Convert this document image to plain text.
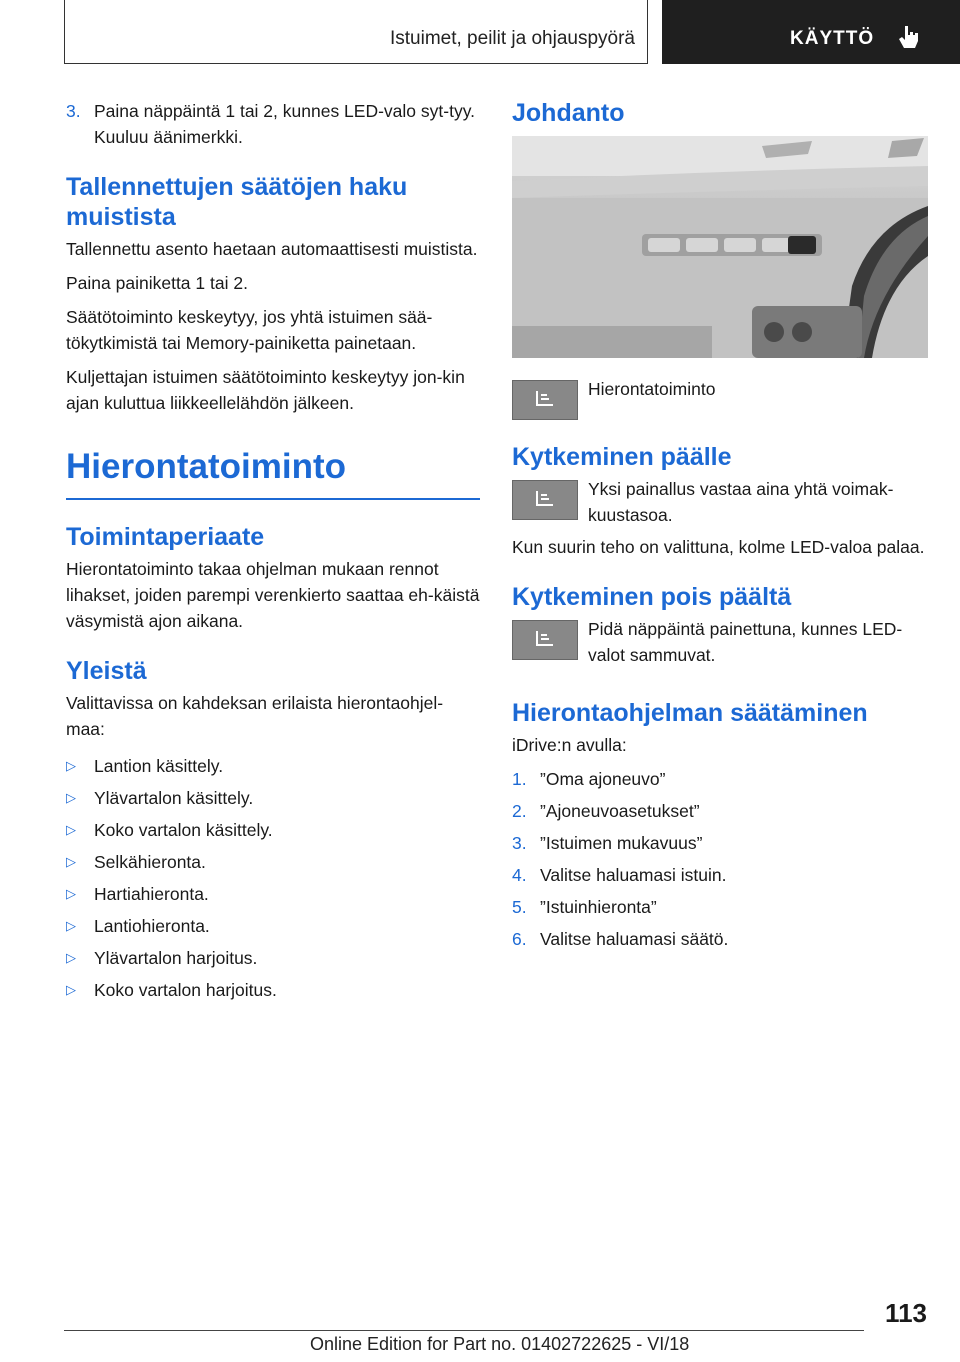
Istuimet, peilit ja ohjauspyörä	KÄYTTÖ
3. Paina näppäintä 1 tai 2, kunnes LED-valo syt‐tyy. Kuuluu äänimerkki.
Tallennettujen säätöjen haku muistista

Tallennettu asento haetaan automaattisesti muistista.

Paina painiketta 1 tai 2.

Säätötoiminto keskeytyy, jos yhtä istuimen sää‐tökytkimistä tai Memory-painiketta painetaan.

Kuljettajan istuimen säätötoiminto keskeytyy jon‐kin ajan kuluttua liikkeellelähdön jälkeen.

Hierontatoiminto
Toimintaperiaate

Hierontatoiminto takaa ohjelman mukaan rennot lihakset, joiden parempi verenkierto saattaa eh‐käistä väsymistä ajon aikana.

Yleistä

Valittavissa on kahdeksan erilaista hierontaohjel‐maa:

▷	Lantion käsittely.
▷	Ylävartalon käsittely.
▷	Koko vartalon käsittely.
▷	Selkähieronta.
▷	Hartiahieronta.
▷	Lantiohieronta.
▷	Ylävartalon harjoitus.
▷	Koko vartalon harjoitus.
Johdanto
Hierontatoiminto
Kytkeminen päälle
Yksi painallus vastaa aina yhtä voimak‐kuustasoa.

Kun suurin teho on valittuna, kolme LED-valoa palaa.

Kytkeminen pois päältä
Pidä näppäintä painettuna, kunnes LED-valot sammuvat.
Hierontaohjelman säätäminen

iDrive:n avulla:

1. ”Oma ajoneuvo”
2. ”Ajoneuvoasetukset”
3. ”Istuimen mukavuus”
4. Valitse haluamasi istuin.
5. ”Istuinhieronta”
6. Valitse haluamasi säätö.
113
Online Edition for Part no. 01402722625 - VI/18
